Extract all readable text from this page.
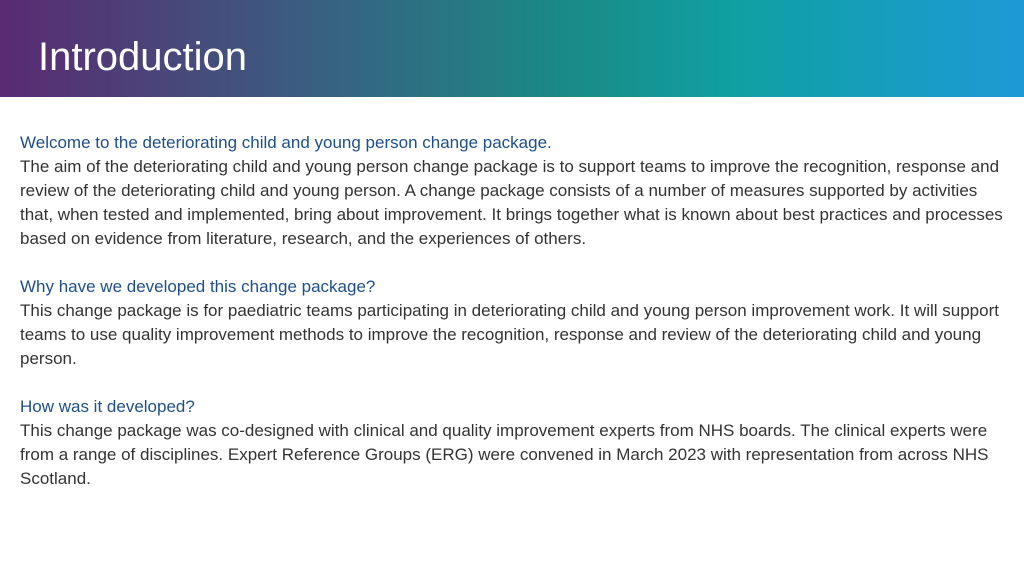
Introduction
Welcome to the deteriorating child and young person change package.
The aim of the deteriorating child and young person change package is to support teams to improve the recognition, response and review of the deteriorating child and young person. A change package consists of a number of measures supported by activities that, when tested and implemented, bring about improvement. It brings together what is known about best practices and processes based on evidence from literature, research, and the experiences of others.
Why have we developed this change package?
This change package is for paediatric teams participating in deteriorating child and young person improvement work. It will support teams to use quality improvement methods to improve the recognition, response and review of the deteriorating child and young person.
How was it developed?
This change package was co-designed with clinical and quality improvement experts from NHS boards. The clinical experts were from a range of disciplines. Expert Reference Groups (ERG) were convened in March 2023 with representation from across NHS Scotland.
